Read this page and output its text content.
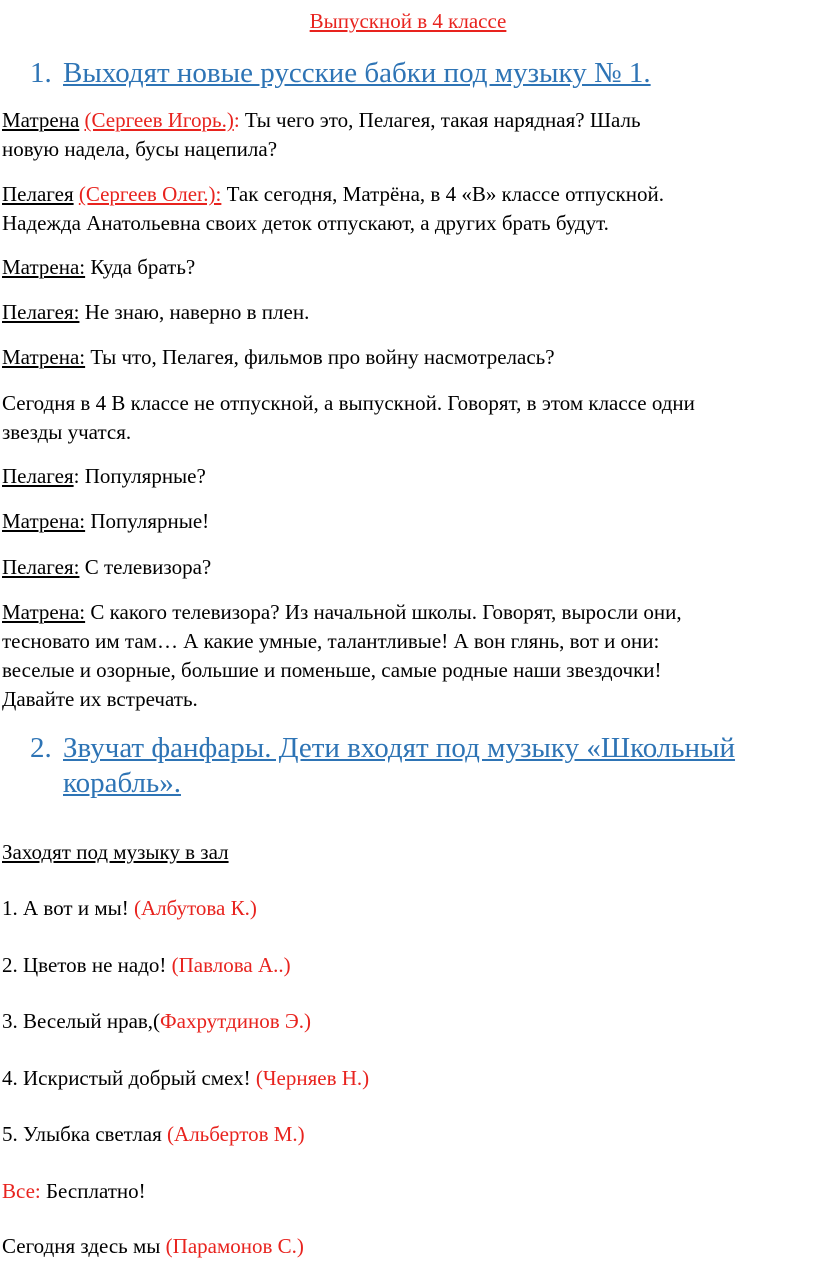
Выпускной в 4 классе
1. Выходят новые русские бабки под музыку № 1.
Матрена (Сергеев Игорь.): Ты чего это, Пелагея, такая нарядная? Шаль
новую надела, бусы нацепила?
Пелагея (Сергеев Олег.): Так сегодня, Матрёна, в 4 «В» классе отпускной.
Надежда Анатольевна своих деток отпускают, а других брать будут.
Матрена: Куда брать?
Пелагея: Не знаю, наверно в плен.
Матрена: Ты что, Пелагея, фильмов про войну насмотрелась?
Сегодня в 4 В классе не отпускной, а выпускной. Говорят, в этом классе одни
звезды учатся.
Пелагея: Популярные?
Матрена: Популярные!
Пелагея: С телевизора?
Матрена: С какого телевизора? Из начальной школы. Говорят, выросли они,
тесновато им там… А какие умные, талантливые! А вон глянь, вот и они:
веселые и озорные, большие и поменьше, самые родные наши звездочки!
Давайте их встречать.
2. Звучат фанфары. Дети входят под музыку «Школьный
корабль».
Заходят под музыку в зал
1. А вот и мы! (Албутова К.)
2. Цветов не надо! (Павлова А..)
3. Веселый нрав,(Фахрутдинов Э.)
4. Искристый добрый смех! (Черняев Н.)
5. Улыбка светлая (Альбертов М.)
Все: Бесплатно!
Сегодня здесь мы (Парамонов С.)
